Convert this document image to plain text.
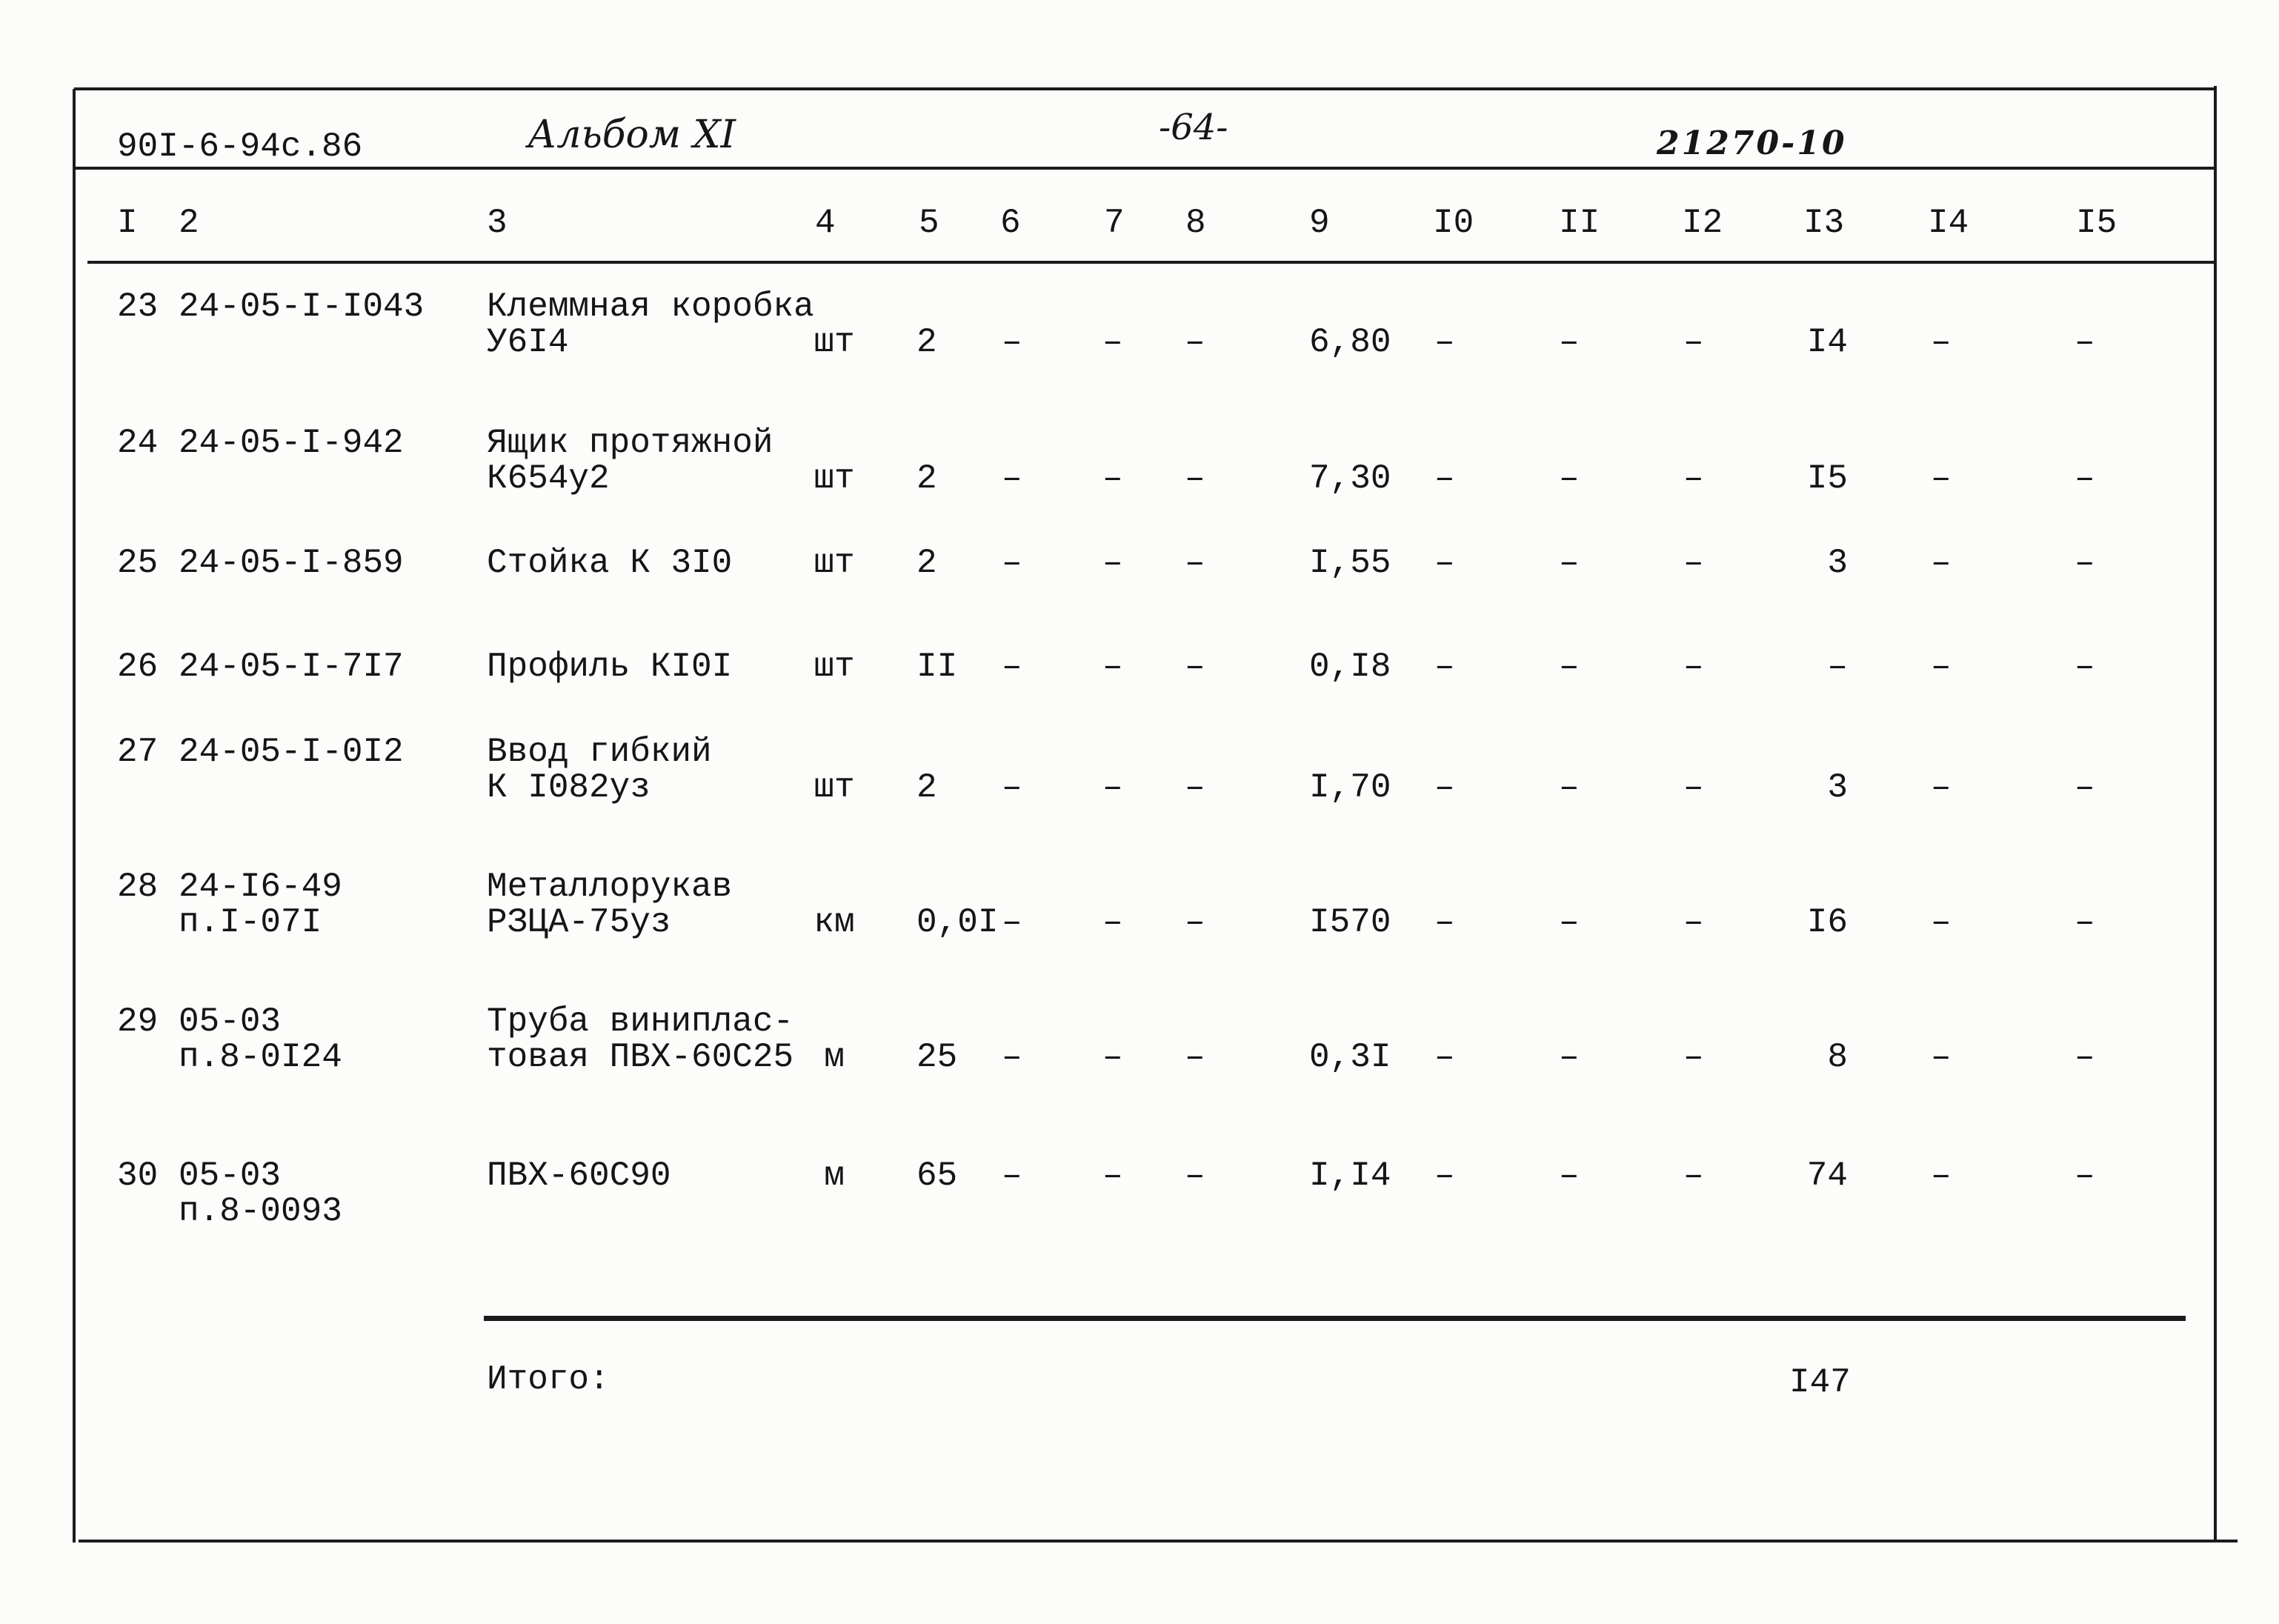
90I-6-94с.86	Альбом XI	-64-	21270-10
I 2	3	4 5 6 7 8	9	I0 II I2 I3 I4	I5
23 24-05-I-I043 Клеммная коробка
У6I4	шт 2 – – –	6,80 –	–	–	I4 –	–
24 24-05-I-942 Ящик протяжной
К654у2	шт 2 – – –	7,30 –	–	–	I5 –	–
25 24-05-I-859 Стойка К 3I0 шт 2 – – –	I,55 –	–	–	3 –	–
26 24-05-I-7I7 Профиль КI0I шт II – – –	0,I8 –	–	–	– –	–
27 24-05-I-0I2 Ввод гибкий
К I082уз	шт 2 – – –	I,70 –	–	–	3 –	–
28 24-I6-49
п.I-07I
Металлорукав
РЗЦА-75уз	км 0,0I – – –	I570 –	–	–	I6 –	–
29 05-03
п.8-0I24
Труба виниплас-
товая ПВХ-60С25 м	25 – – –	0,3I –	–	–	8 –	–
30 05-03
п.8-0093
ПВХ-60С90	м	65 – – –	I,I4 –	–	–	74 –	–
Итого:	I47
